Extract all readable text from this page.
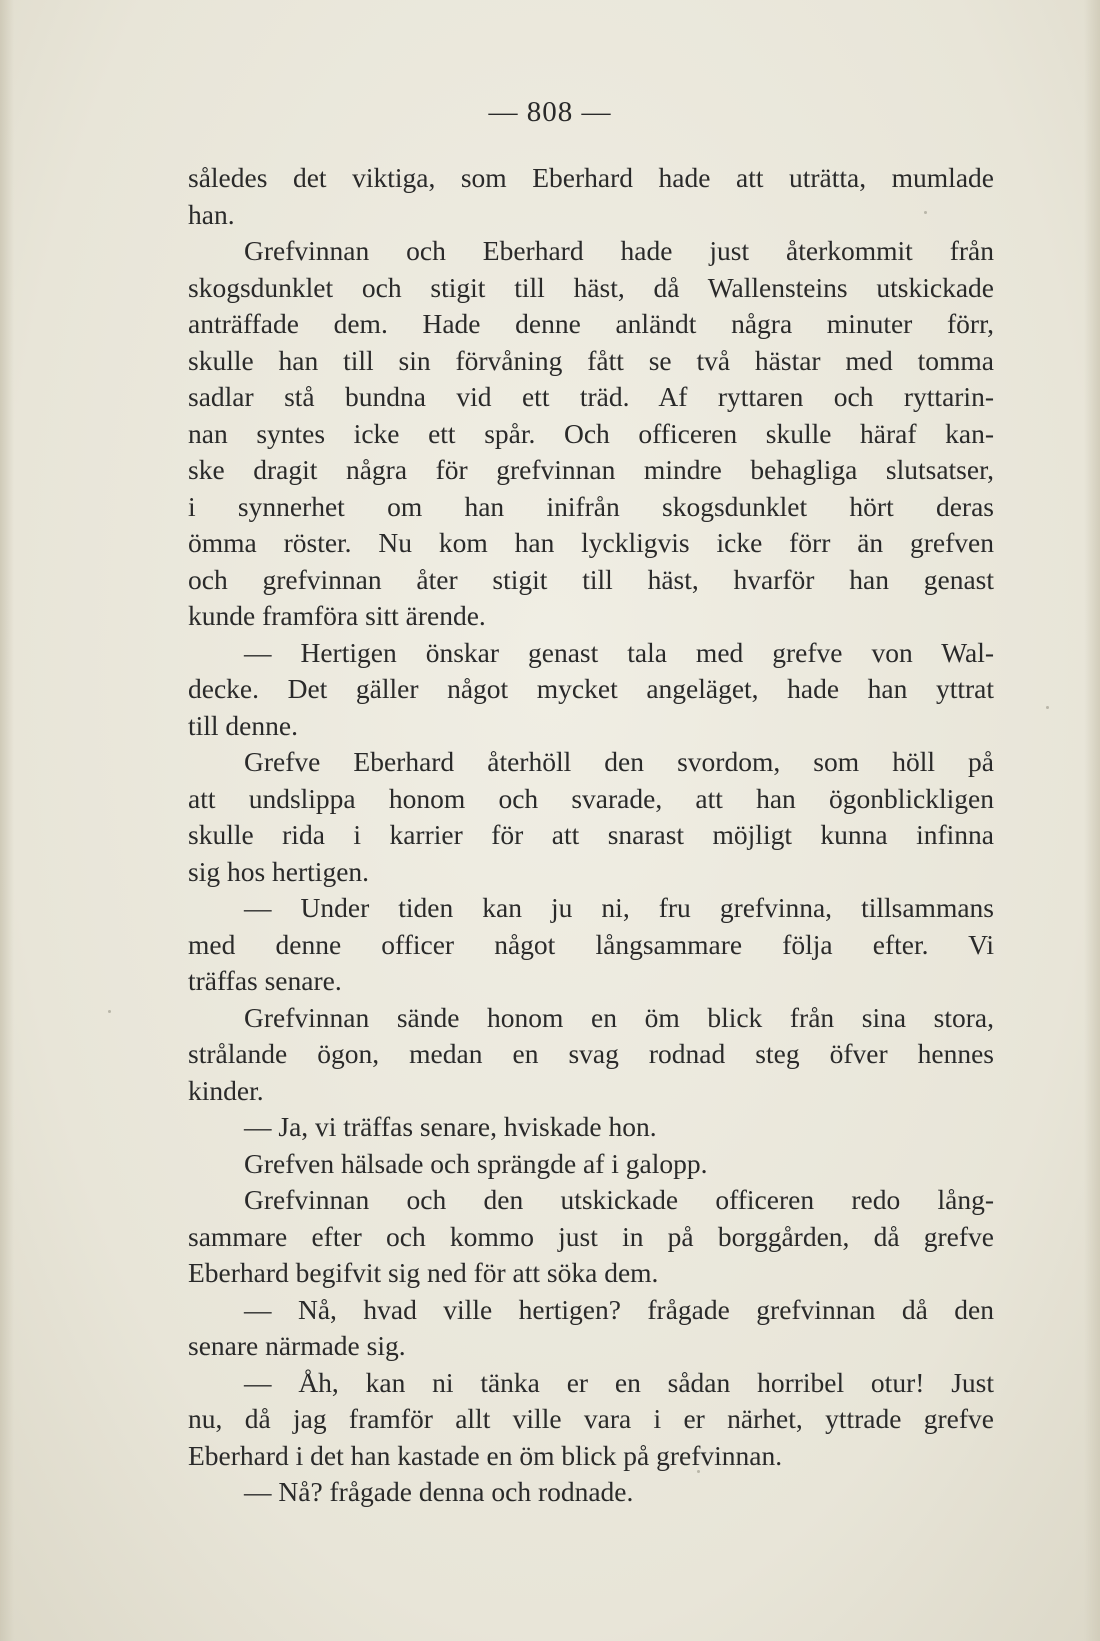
— 808 —
således det viktiga, som Eberhard hade att uträtta, mumlade
han.
Grefvinnan och Eberhard hade just återkommit från
skogsdunklet och stigit till häst, då Wallensteins utskickade
anträffade dem. Hade denne anländt några minuter förr,
skulle han till sin förvåning fått se två hästar med tomma
sadlar stå bundna vid ett träd. Af ryttaren och ryttarin-
nan syntes icke ett spår. Och officeren skulle häraf kan-
ske dragit några för grefvinnan mindre behagliga slutsatser,
i synnerhet om han inifrån skogsdunklet hört deras
ömma röster. Nu kom han lyckligvis icke förr än grefven
och grefvinnan åter stigit till häst, hvarför han genast
kunde framföra sitt ärende.
— Hertigen önskar genast tala med grefve von Wal-
decke. Det gäller något mycket angeläget, hade han yttrat
till denne.
Grefve Eberhard återhöll den svordom, som höll på
att undslippa honom och svarade, att han ögonblickligen
skulle rida i karrier för att snarast möjligt kunna infinna
sig hos hertigen.
— Under tiden kan ju ni, fru grefvinna, tillsammans
med denne officer något långsammare följa efter. Vi
träffas senare.
Grefvinnan sände honom en öm blick från sina stora,
strålande ögon, medan en svag rodnad steg öfver hennes
kinder.
— Ja, vi träffas senare, hviskade hon.
Grefven hälsade och sprängde af i galopp.
Grefvinnan och den utskickade officeren redo lång-
sammare efter och kommo just in på borggården, då grefve
Eberhard begifvit sig ned för att söka dem.
— Nå, hvad ville hertigen? frågade grefvinnan då den
senare närmade sig.
— Åh, kan ni tänka er en sådan horribel otur! Just
nu, då jag framför allt ville vara i er närhet, yttrade grefve
Eberhard i det han kastade en öm blick på grefvinnan.
— Nå? frågade denna och rodnade.
